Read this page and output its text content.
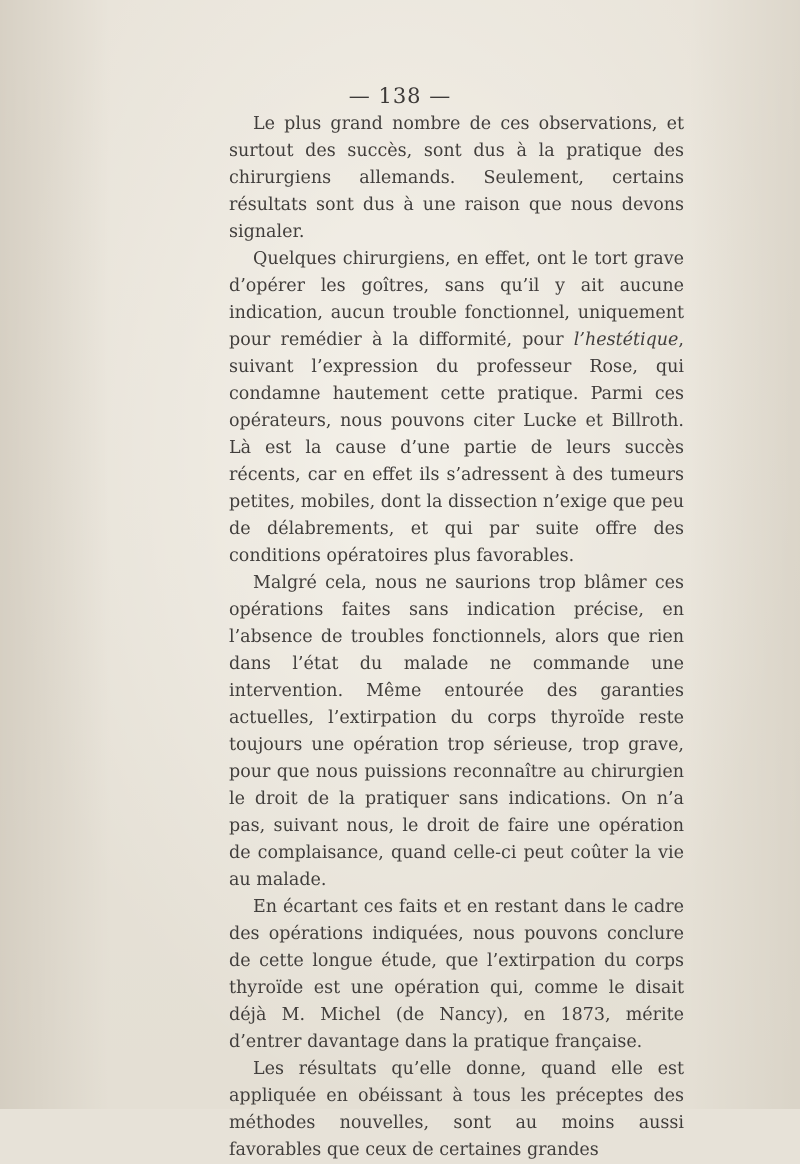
— 138 —

Le plus grand nombre de ces observations, et surtout des succès, sont dus à la pratique des chirurgiens allemands. Seulement, certains résultats sont dus à une raison que nous devons signaler.

Quelques chirurgiens, en effet, ont le tort grave d’opérer les goîtres, sans qu’il y ait aucune indication, aucun trouble fonctionnel, uniquement pour remédier à la difformité, pour l’hestétique, suivant l’expression du professeur Rose, qui condamne hautement cette pratique. Parmi ces opérateurs, nous pouvons citer Lucke et Billroth. Là est la cause d’une partie de leurs succès récents, car en effet ils s’adressent à des tumeurs petites, mobiles, dont la dissection n’exige que peu de délabrements, et qui par suite offre des conditions opératoires plus favorables.

Malgré cela, nous ne saurions trop blâmer ces opérations faites sans indication précise, en l’absence de troubles fonctionnels, alors que rien dans l’état du malade ne commande une intervention. Même entourée des garanties actuelles, l’extirpation du corps thyroïde reste toujours une opération trop sérieuse, trop grave, pour que nous puissions reconnaître au chirurgien le droit de la pratiquer sans indications. On n’a pas, suivant nous, le droit de faire une opération de complaisance, quand celle-ci peut coûter la vie au malade.

En écartant ces faits et en restant dans le cadre des opérations indiquées, nous pouvons conclure de cette longue étude, que l’extirpation du corps thyroïde est une opération qui, comme le disait déjà M. Michel (de Nancy), en 1873, mérite d’entrer davantage dans la pratique française.

Les résultats qu’elle donne, quand elle est appliquée en obéissant à tous les préceptes des méthodes nouvelles, sont au moins aussi favorables que ceux de certaines grandes
